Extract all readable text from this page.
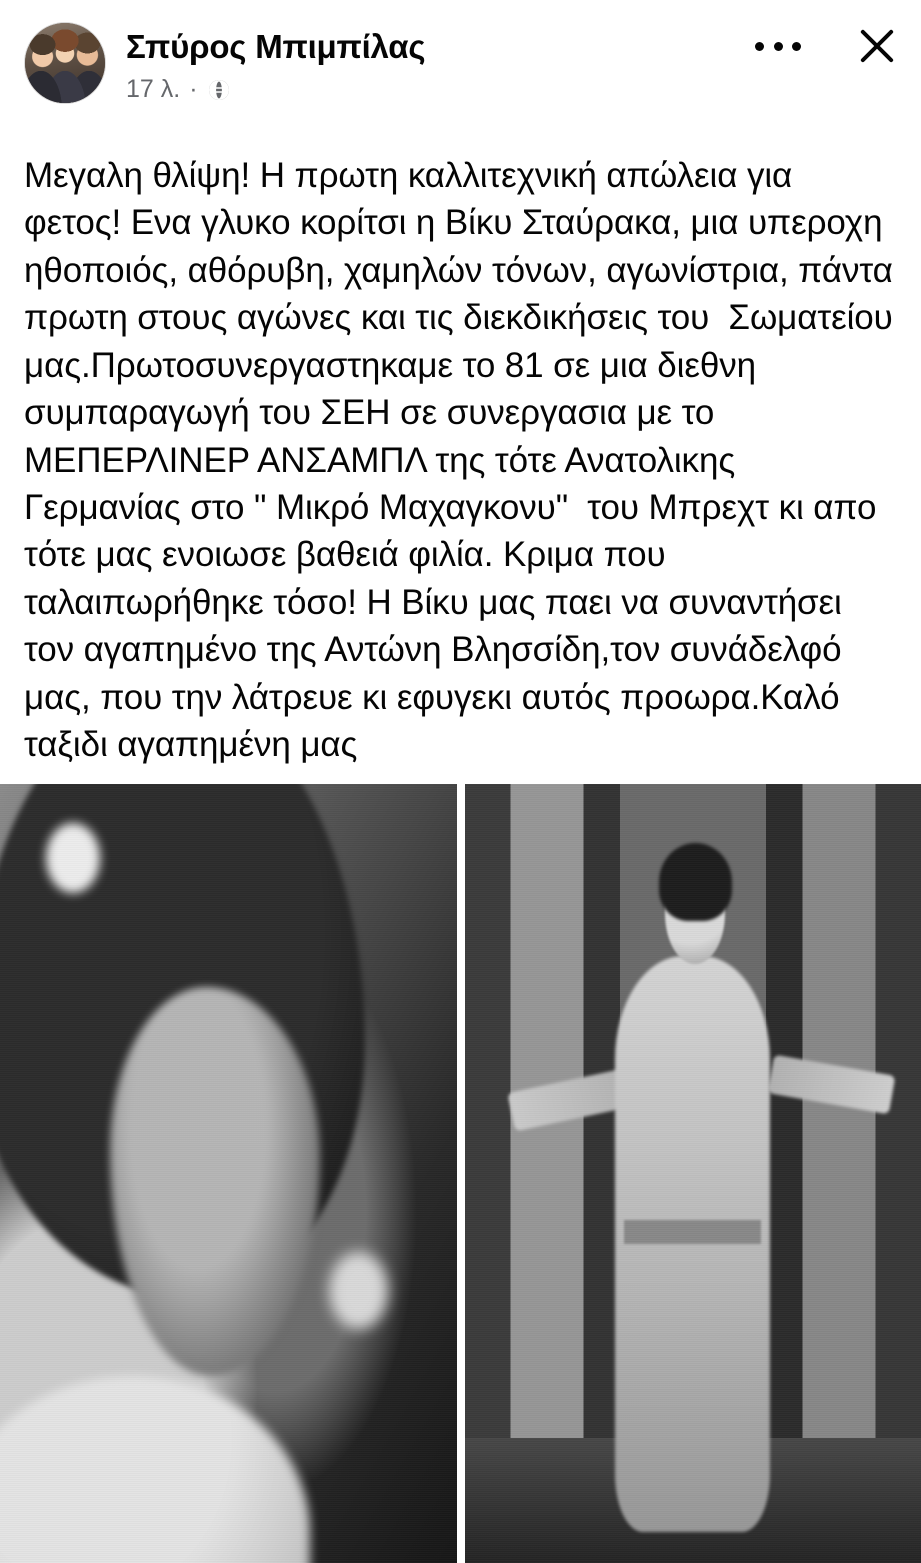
Σπύρος Μπιμπίλας
17 λ. ·
Μεγαλη θλίψη! Η πρωτη καλλιτεχνική απώλεια για φετος! Ενα γλυκο κορίτσι η Βίκυ Σταύρακα, μια υπεροχη ηθοποιός, αθόρυβη, χαμηλών τόνων, αγωνίστρια, πάντα πρωτη στους αγώνες και τις διεκδικήσεις του  Σωματείου μας.Πρωτοσυνεργαστηκαμε το 81 σε μια διεθνη συμπαραγωγή του ΣΕΗ σε συνεργασια με το ΜΕΠΕΡΛΙΝΕΡ ΑΝΣΑΜΠΛ της τότε Ανατολικης Γερμανίας στο " Μικρό Μαχαγκονυ"  του Μπρεχτ κι απο τότε μας ενοιωσε βαθειά φιλία. Κριμα που ταλαιπωρήθηκε τόσο! Η Βίκυ μας παει να συναντήσει τον αγαπημένο της Αντώνη Βλησσίδη,τον συνάδελφό μας, που την λάτρευε κι εφυγεκι αυτός προωρα.Καλό ταξιδι αγαπημένη μας
